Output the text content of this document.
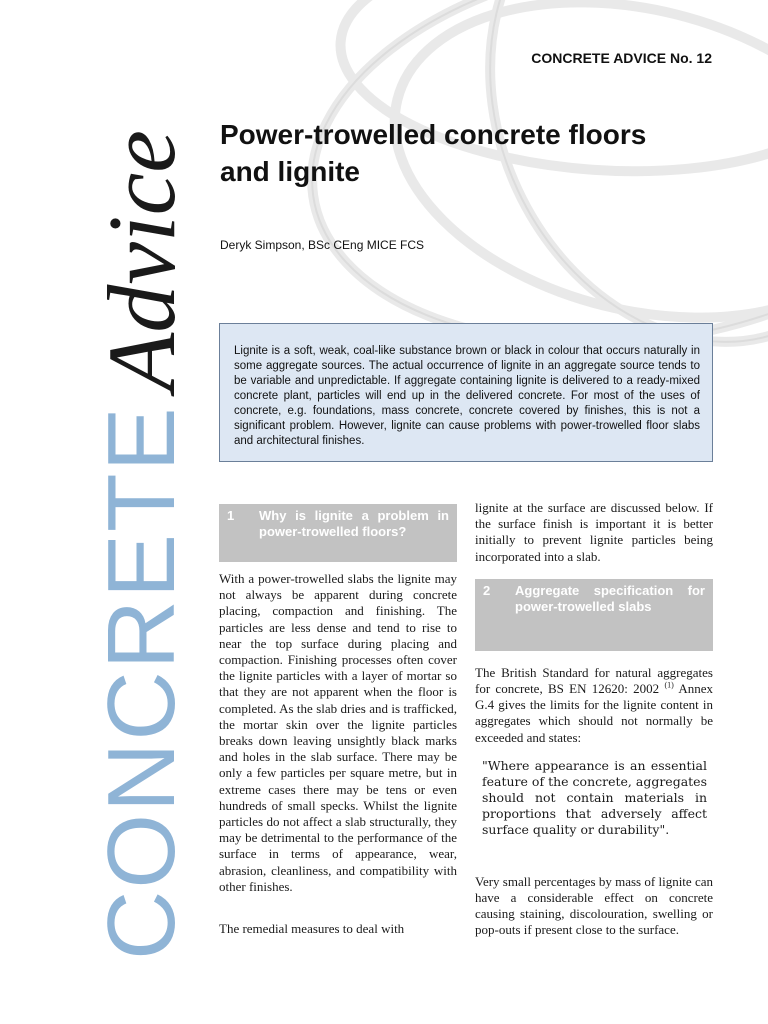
CONCRETEAdvice
CONCRETE ADVICE No. 12
Power-trowelled concrete floors and lignite
Deryk Simpson, BSc CEng MICE FCS
Lignite is a soft, weak, coal-like substance brown or black in colour that occurs naturally in some aggregate sources. The actual occurrence of lignite in an aggregate source tends to be variable and unpredictable. If aggregate containing lignite is delivered to a ready-mixed concrete plant, particles will end up in the delivered concrete. For most of the uses of concrete, e.g. foundations, mass concrete, concrete covered by finishes, this is not a significant problem. However, lignite can cause problems with power-trowelled floor slabs and architectural finishes.
1	Why is lignite a problem in power-trowelled floors?

With a power-trowelled slabs the lignite may not always be apparent during concrete placing, compaction and finishing. The particles are less dense and tend to rise to near the top surface during placing and compaction. Finishing processes often cover the lignite particles with a layer of mortar so that they are not apparent when the floor is completed. As the slab dries and is trafficked, the mortar skin over the lignite particles breaks down leaving unsightly black marks and holes in the slab surface. There may be only a few particles per square metre, but in extreme cases there may be tens or even hundreds of small specks. Whilst the lignite particles do not affect a slab structurally, they may be detrimental to the performance of the surface in terms of appearance, wear, abrasion, cleanliness, and compatibility with other finishes.

The remedial measures to deal with

lignite at the surface are discussed below. If the surface finish is important it is better initially to prevent lignite particles being incorporated into a slab.

2	Aggregate specification for power-trowelled slabs

The British Standard for natural aggregates for concrete, BS EN 12620: 2002 $^{(1)}$ Annex G.4 gives the limits for the lignite content in aggregates which should not normally be exceeded and states:

"Where appearance is an essential feature of the concrete, aggregates should not contain materials in proportions that adversely affect surface quality or durability".

Very small percentages by mass of lignite can have a considerable effect on concrete causing staining, discolouration, swelling or pop-outs if present close to the surface.
